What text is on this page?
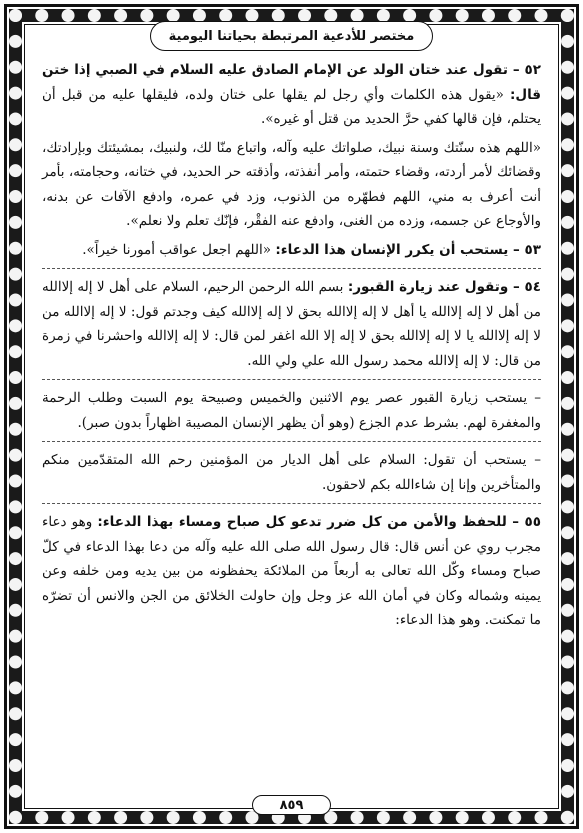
مختصر للأدعية المرتبطة بحياتنا اليومية

٥٢ – تقول عند ختان الولد عن الإمام الصادق عليه السلام في الصبي إذا ختن قال: «يقول هذه الكلمات وأي رجل لم يقلها على ختان ولده، فليقلها عليه من قبل أن يحتلم، فإن قالها كفي حرَّ الحديد من قتل أو غيره».

«اللهم هذه سنّتك وسنة نبيك، صلواتك عليه وآله، واتباع منّا لك، ولنبيك، بمشيئتك وبإرادتك، وقضائك لأمر أردته، وقضاء حتمته، وأمر أنفذته، وأذقته حر الحديد، في ختانه، وحجامته، بأمر أنت أعرف به مني، اللهم فطهّره من الذنوب، وزد في عمره، وادفع الآفات عن بدنه، والأوجاع عن جسمه، وزده من الغنى، وادفع عنه الفقْر، فإنّك تعلم ولا نعلم».

٥٣ – يستحب أن يكرر الإنسان هذا الدعاء: «اللهم اجعل عواقب أمورنا خيراً».

٥٤ – وتقول عند زيارة القبور: بسم الله الرحمن الرحيم، السلام على أهل لا إله إلاالله من أهل لا إله إلاالله يا أهل لا إله إلاالله بحق لا إله إلاالله كيف وجدتم قول: لا إله إلاالله من لا إله إلاالله يا لا إله إلاالله بحق لا إله إلا الله اغفر لمن قال: لا إله إلاالله واحشرنا في زمرة من قال: لا إله إلاالله محمد رسول الله علي ولي الله.

– يستحب زيارة القبور عصر يوم الاثنين والخميس وصبيحة يوم السبت وطلب الرحمة والمغفرة لهم. بشرط عدم الجزع (وهو أن يظهر الإنسان المصيبة اظهاراً بدون صبر).

– يستحب أن تقول: السلام على أهل الديار من المؤمنين رحم الله المتقدّمين منكم والمتأخرين وإنا إن شاءالله بكم لاحقون.

٥٥ – للحفظ والأمن من كل ضرر تدعو كل صباح ومساء بهذا الدعاء: وهو دعاء مجرب روي عن أنس قال: قال رسول الله صلى الله عليه وآله من دعا بهذا الدعاء في كلّ صباح ومساء وكّل الله تعالى به أربعاً من الملائكة يحفظونه من بين يديه ومن خلفه وعن يمينه وشماله وكان في أمان الله عز وجل وإن حاولت الخلائق من الجن والانس أن تضرّه ما تمكنت. وهو هذا الدعاء:

٨٥٩
